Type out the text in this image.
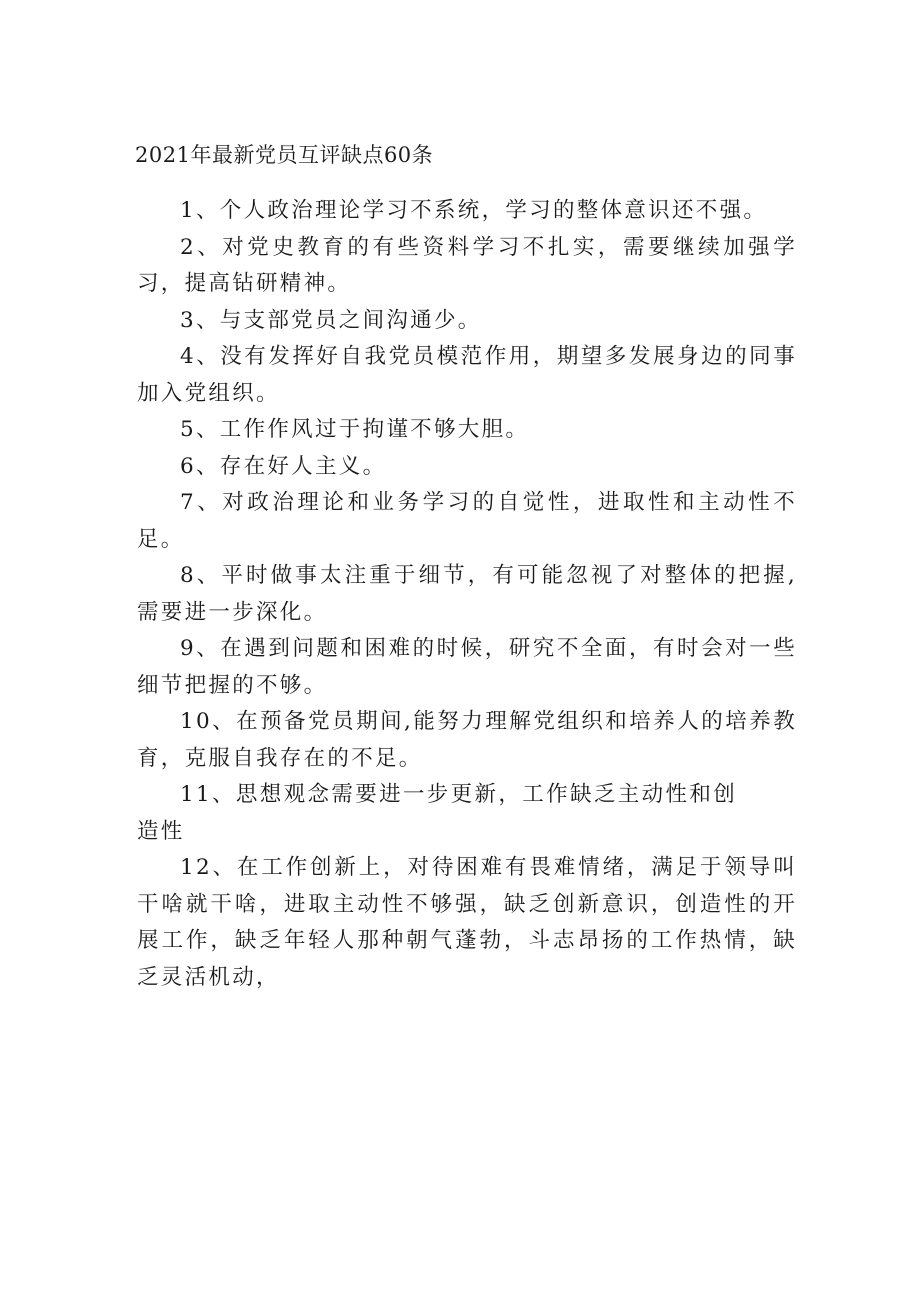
2021年最新党员互评缺点60条

1、个人政治理论学习不系统，学习的整体意识还不强。

2、对党史教育的有些资料学习不扎实，需要继续加强学习，提高钻研精神。

3、与支部党员之间沟通少。

4、没有发挥好自我党员模范作用，期望多发展身边的同事加入党组织。

5、工作作风过于拘谨不够大胆。

6、存在好人主义。

7、对政治理论和业务学习的自觉性，进取性和主动性不足。

8、平时做事太注重于细节，有可能忽视了对整体的把握,需要进一步深化。

9、在遇到问题和困难的时候，研究不全面，有时会对一些细节把握的不够。

10、在预备党员期间,能努力理解党组织和培养人的培养教育，克服自我存在的不足。

11、思想观念需要进一步更新，工作缺乏主动性和创造性

12、在工作创新上，对待困难有畏难情绪，满足于领导叫干啥就干啥，进取主动性不够强，缺乏创新意识，创造性的开展工作，缺乏年轻人那种朝气蓬勃，斗志昂扬的工作热情，缺乏灵活机动，
